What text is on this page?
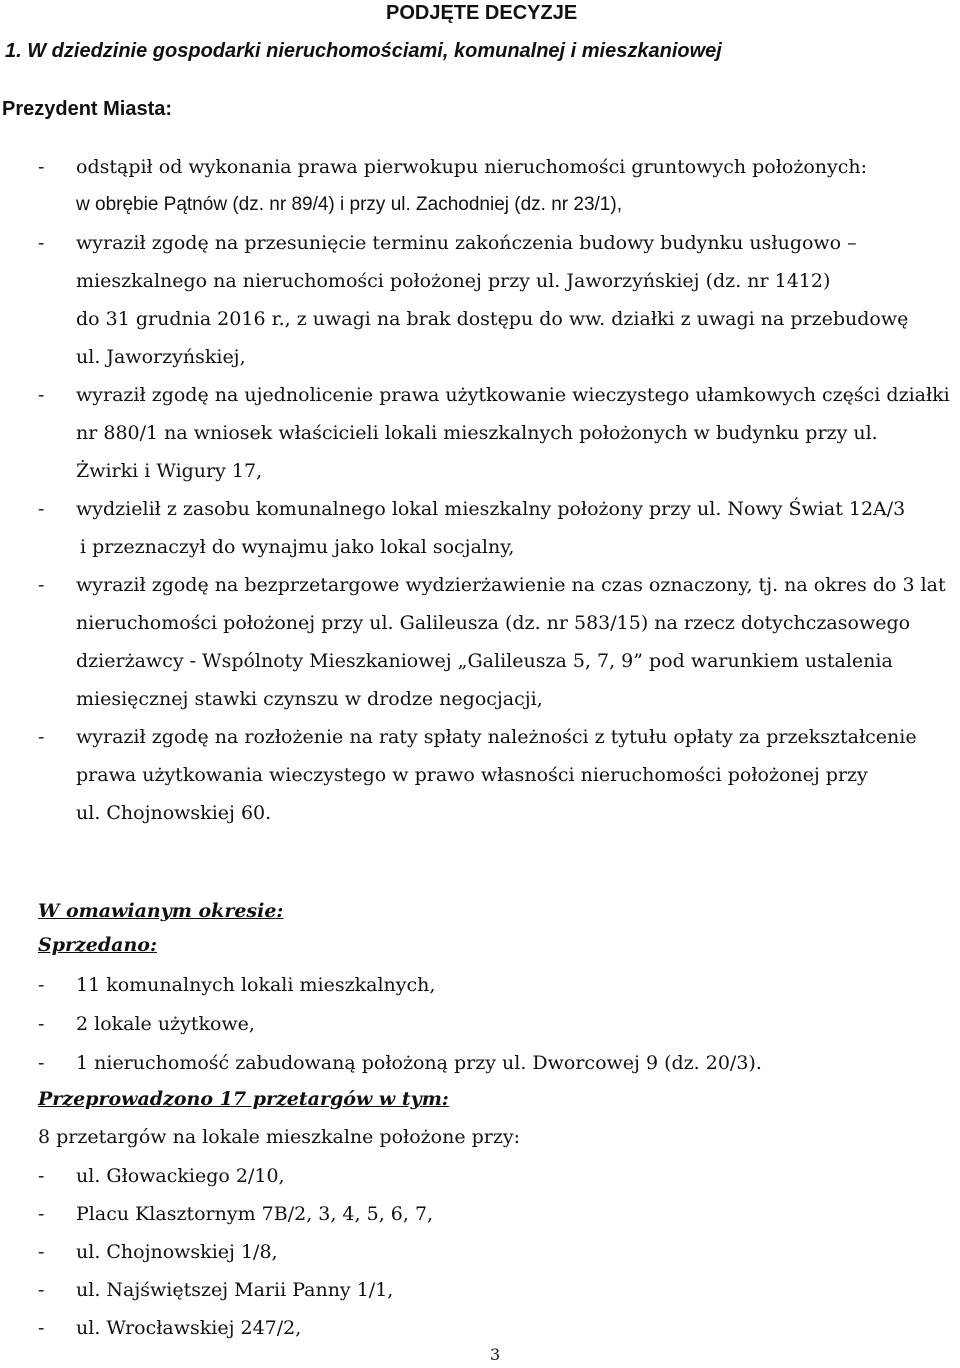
PODJĘTE DECYZJE
1. W dziedzinie gospodarki nieruchomościami, komunalnej i mieszkaniowej
Prezydent Miasta:
- odstąpił od wykonania prawa pierwokupu nieruchomości gruntowych położonych:
w obrębie Pątnów (dz. nr 89/4) i przy ul. Zachodniej (dz. nr 23/1),
- wyraził zgodę na przesunięcie terminu zakończenia budowy budynku usługowo –
mieszkalnego na nieruchomości położonej przy ul. Jaworzyńskiej (dz. nr 1412)
do 31 grudnia 2016 r., z uwagi na brak dostępu do ww. działki z uwagi na przebudowę
ul. Jaworzyńskiej,
- wyraził zgodę na ujednolicenie prawa użytkowanie wieczystego ułamkowych części działki
nr 880/1 na wniosek właścicieli lokali mieszkalnych położonych w budynku przy ul.
Żwirki i Wigury 17,
- wydzielił z zasobu komunalnego lokal mieszkalny położony przy ul. Nowy Świat 12A/3
i przeznaczył do wynajmu jako lokal socjalny,
- wyraził zgodę na bezprzetargowe wydzierżawienie na czas oznaczony, tj. na okres do 3 lat
nieruchomości położonej przy ul. Galileusza (dz. nr 583/15) na rzecz dotychczasowego
dzierżawcy - Wspólnoty Mieszkaniowej „Galileusza 5, 7, 9” pod warunkiem ustalenia
miesięcznej stawki czynszu w drodze negocjacji,
- wyraził zgodę na rozłożenie na raty spłaty należności z tytułu opłaty za przekształcenie
prawa użytkowania wieczystego w prawo własności nieruchomości położonej przy
ul. Chojnowskiej 60.
W omawianym okresie:
Sprzedano:
- 11 komunalnych lokali mieszkalnych,
- 2 lokale użytkowe,
- 1 nieruchomość zabudowaną położoną przy ul. Dworcowej 9 (dz. 20/3).
Przeprowadzono 17 przetargów w tym:
8 przetargów na lokale mieszkalne położone przy:
- ul. Głowackiego 2/10,
- Placu Klasztornym 7B/2, 3, 4, 5, 6, 7,
- ul. Chojnowskiej 1/8,
- ul. Najświętszej Marii Panny 1/1,
- ul. Wrocławskiej 247/2,
3
